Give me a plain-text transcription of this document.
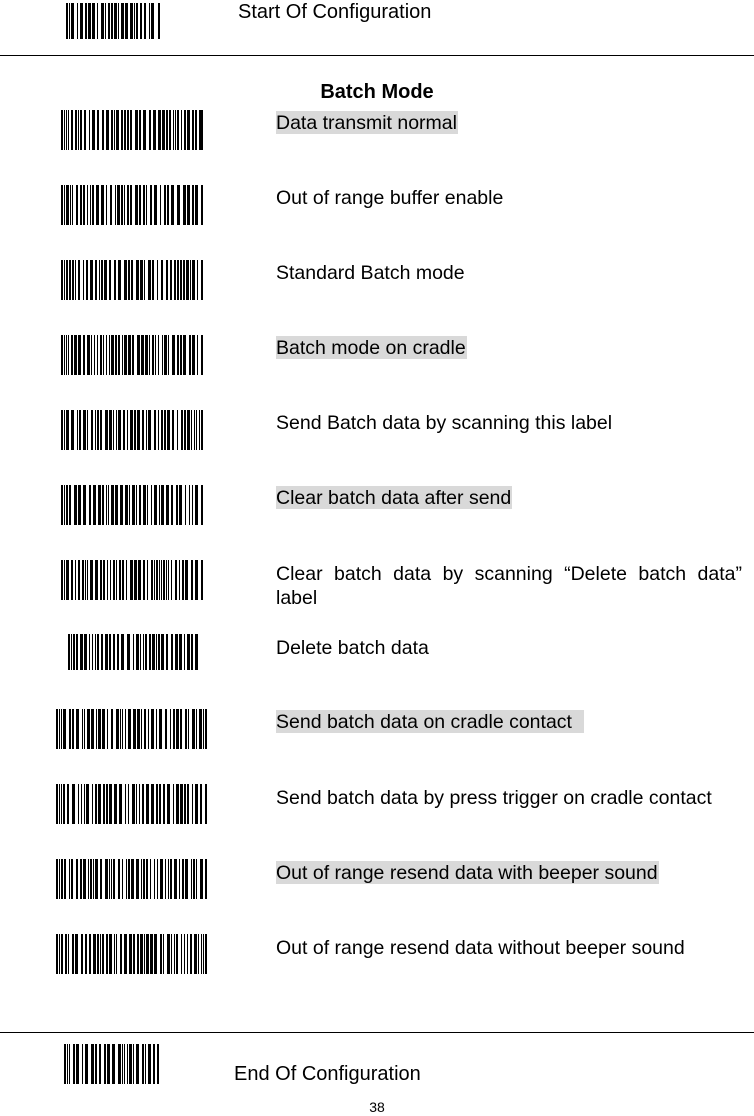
Start Of Configuration
Batch Mode
Data transmit normal
Out of range buffer enable
Standard Batch mode
Batch mode on cradle
Send Batch data by scanning this label
Clear batch data after send
Clear batch data by scanning “Delete batch data” label
Delete batch data
Send batch data on cradle contact
Send batch data by press trigger on cradle contact
Out of range resend data with beeper sound
Out of range resend data without beeper sound
End Of Configuration
38
